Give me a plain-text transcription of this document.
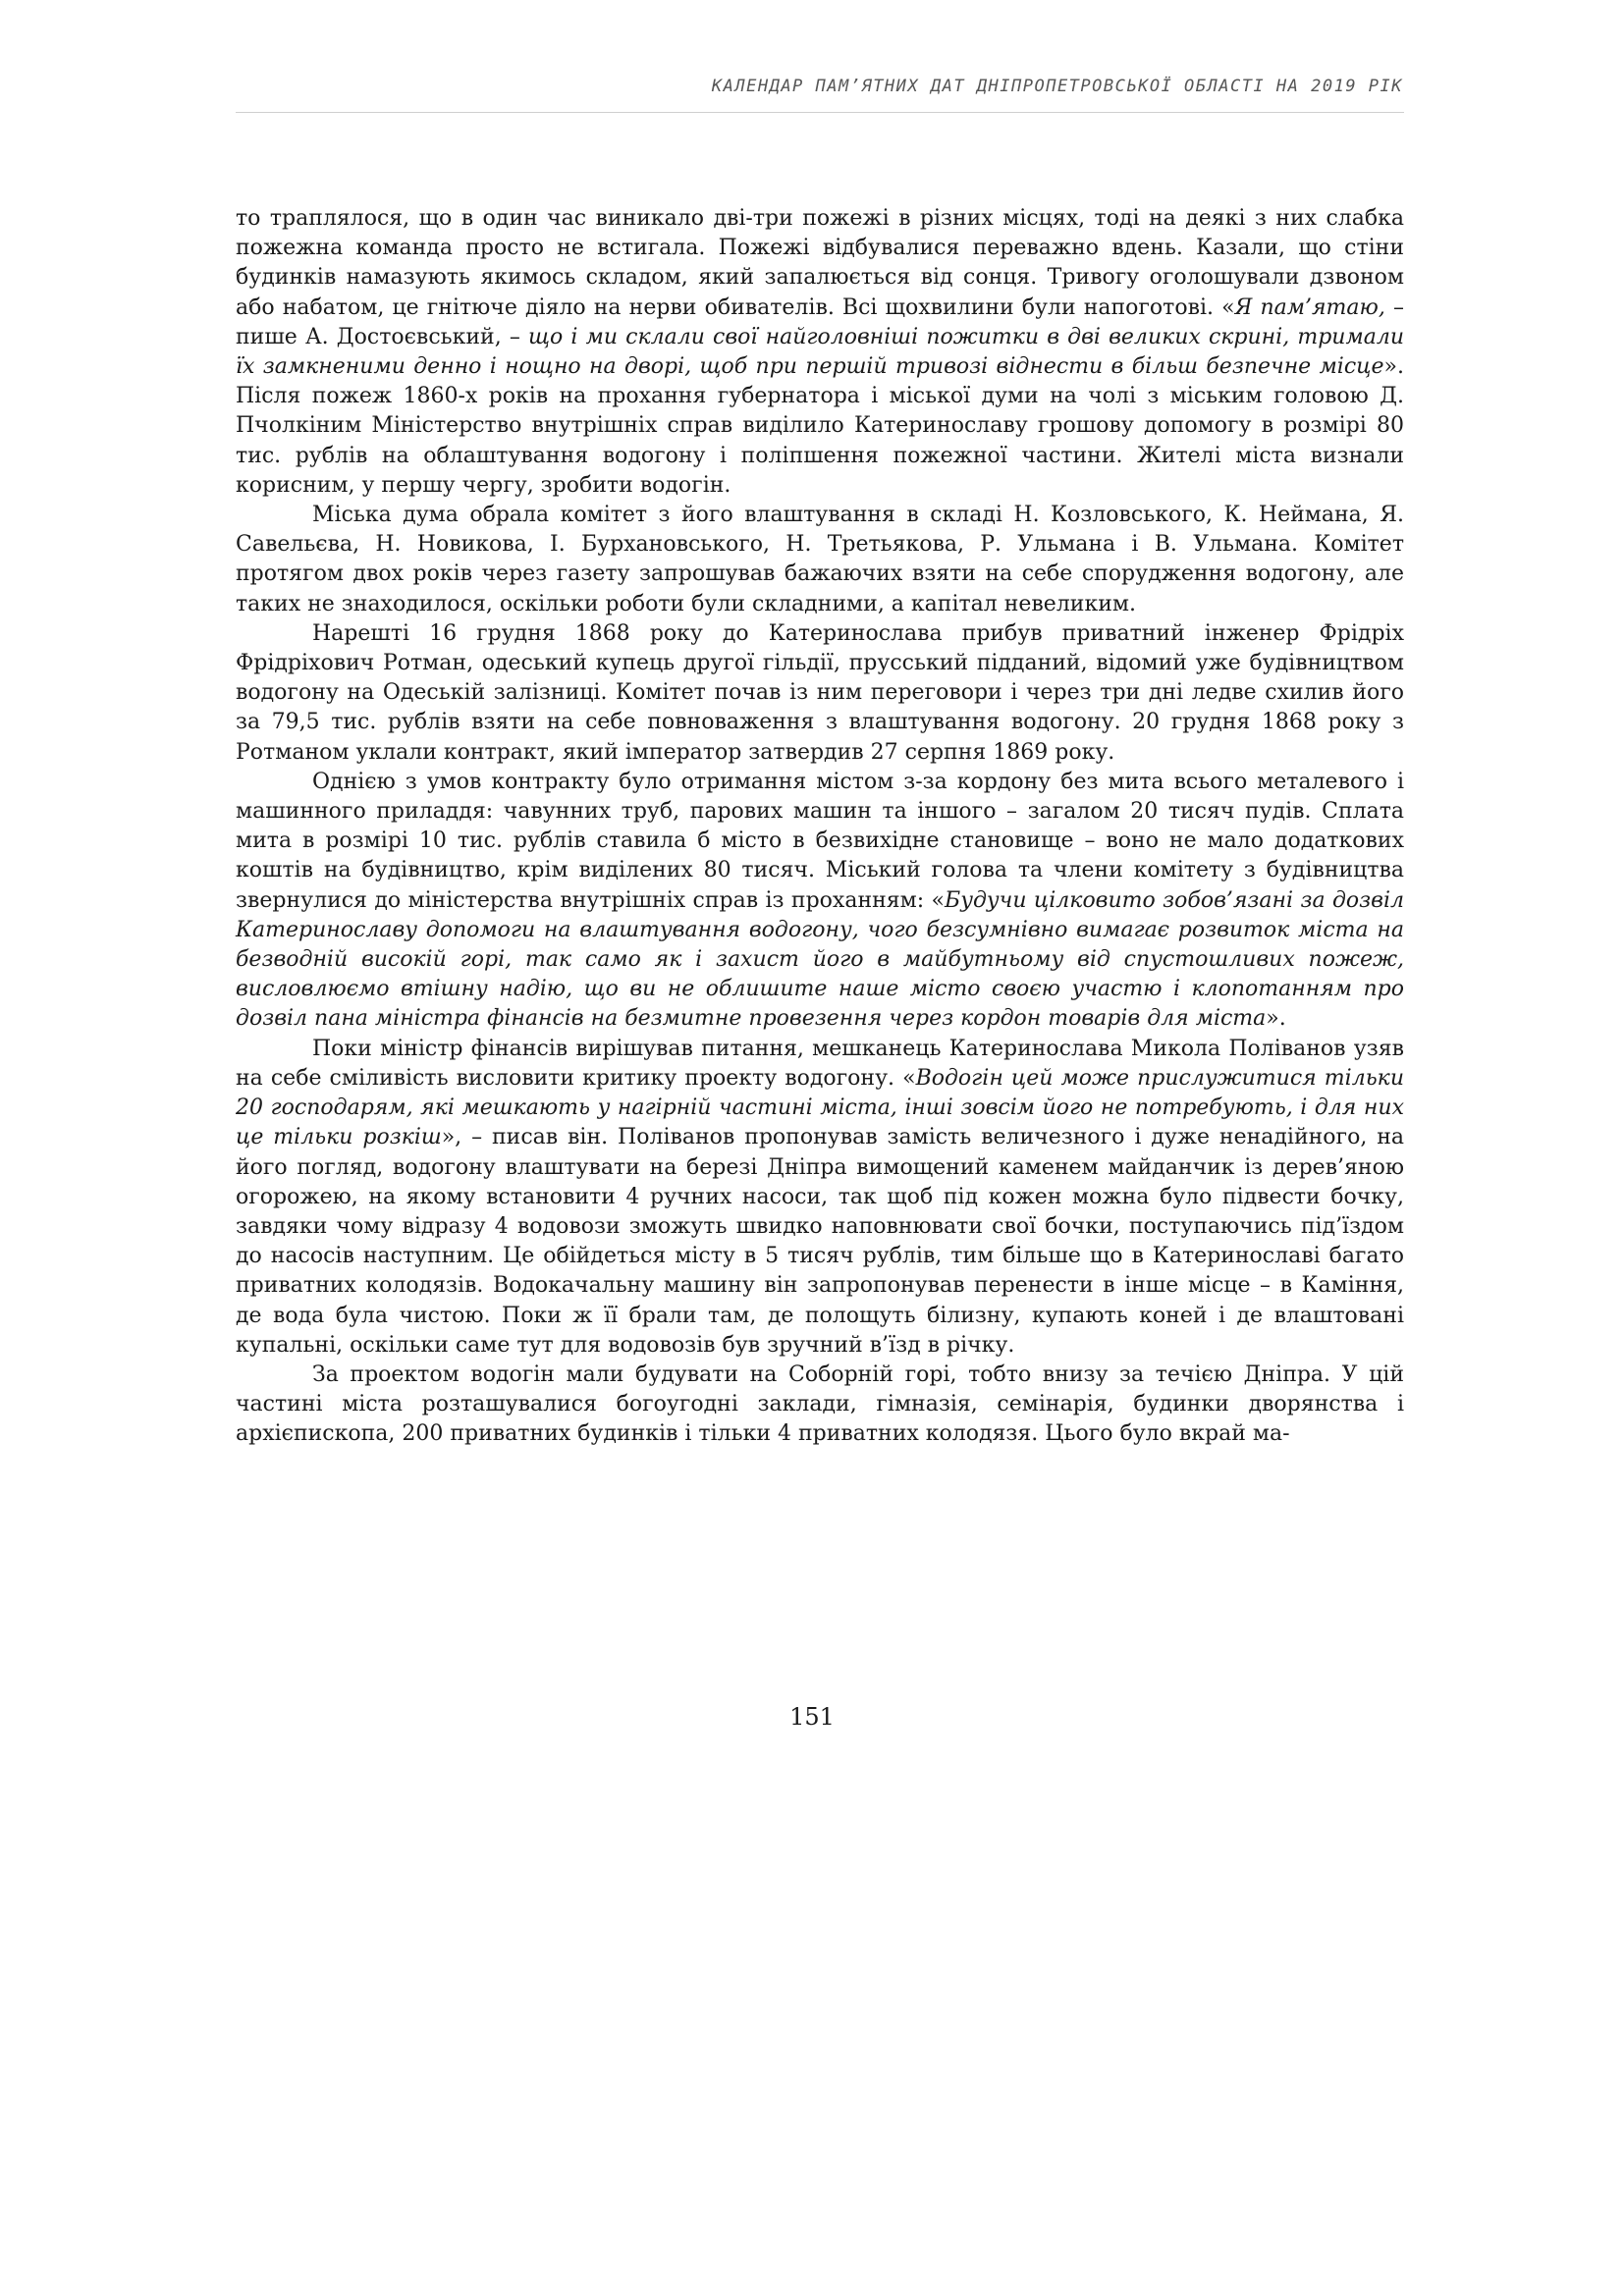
КАЛЕНДАР ПАМ’ЯТНИХ ДАТ ДНІПРОПЕТРОВСЬКОЇ ОБЛАСТІ НА 2019 РІК

то траплялося, що в один час виникало дві-три пожежі в різних місцях, тоді на деякі з них слабка пожежна команда просто не встигала. Пожежі відбувалися переважно вдень. Казали, що стіни будинків намазують якимось складом, який запалюється від сонця. Тривогу оголошували дзвоном або набатом, це гнітюче діяло на нерви обивателів. Всі щохвилини були напоготові. «Я пам’ятаю, – пише А. Достоєвський, – що і ми склали свої найголовніші пожитки в дві великих скрині, тримали їх замкненими денно і нощно на дворі, щоб при першій тривозі віднести в більш безпечне місце». Після пожеж 1860-х років на прохання губернатора і міської думи на чолі з міським головою Д. Пчолкіним Міністерство внутрішніх справ виділило Катеринославу грошову допомогу в розмірі 80 тис. рублів на облаштування водогону і поліпшення пожежної частини. Жителі міста визнали корисним, у першу чергу, зробити водогін.

Міська дума обрала комітет з його влаштування в складі Н. Козловського, К. Неймана, Я. Савельєва, Н. Новикова, І. Бурхановського, Н. Третьякова, Р. Ульмана і В. Ульмана. Комітет протягом двох років через газету запрошував бажаючих взяти на себе спорудження водогону, але таких не знаходилося, оскільки роботи були складними, а капітал невеликим.

Нарешті 16 грудня 1868 року до Катеринослава прибув приватний інженер Фрідріх Фрідріхович Ротман, одеський купець другої гільдії, прусський підданий, відомий уже будівництвом водогону на Одеській залізниці. Комітет почав із ним переговори і через три дні ледве схилив його за 79,5 тис. рублів взяти на себе повноваження з влаштування водогону. 20 грудня 1868 року з Ротманом уклали контракт, який імператор затвердив 27 серпня 1869 року.

Однією з умов контракту було отримання містом з-за кордону без мита всього металевого і машинного приладдя: чавунних труб, парових машин та іншого – загалом 20 тисяч пудів. Сплата мита в розмірі 10 тис. рублів ставила б місто в безвихідне становище – воно не мало додаткових коштів на будівництво, крім виділених 80 тисяч. Міський голова та члени комітету з будівництва звернулися до міністерства внутрішніх справ із проханням: «Будучи цілковито зобов’язані за дозвіл Катеринославу допомоги на влаштування водогону, чого безсумнівно вимагає розвиток міста на безводній високій горі, так само як і захист його в майбутньому від спустошливих пожеж, висловлюємо втішну надію, що ви не облишите наше місто своєю участю і клопотанням про дозвіл пана міністра фінансів на безмитне провезення через кордон товарів для міста».

Поки міністр фінансів вирішував питання, мешканець Катеринослава Микола Поліванов узяв на себе сміливість висловити критику проекту водогону. «Водогін цей може прислужитися тільки 20 господарям, які мешкають у нагірній частині міста, інші зовсім його не потребують, і для них це тільки розкіш», – писав він. Поліванов пропонував замість величезного і дуже ненадійного, на його погляд, водогону влаштувати на березі Дніпра вимощений каменем майданчик із дерев’яною огорожею, на якому встановити 4 ручних насоси, так щоб під кожен можна було підвести бочку, завдяки чому відразу 4 водовози зможуть швидко наповнювати свої бочки, поступаючись під’їздом до насосів наступним. Це обійдеться місту в 5 тисяч рублів, тим більше що в Катеринославі багато приватних колодязів. Водокачальну машину він запропонував перенести в інше місце – в Каміння, де вода була чистою. Поки ж її брали там, де полощуть білизну, купають коней і де влаштовані купальні, оскільки саме тут для водовозів був зручний в’їзд в річку.

За проектом водогін мали будувати на Соборній горі, тобто внизу за течією Дніпра. У цій частині міста розташувалися богоугодні заклади, гімназія, семінарія, будинки дворянства і архієпископа, 200 приватних будинків і тільки 4 приватних колодязя. Цього було вкрай ма-

151
